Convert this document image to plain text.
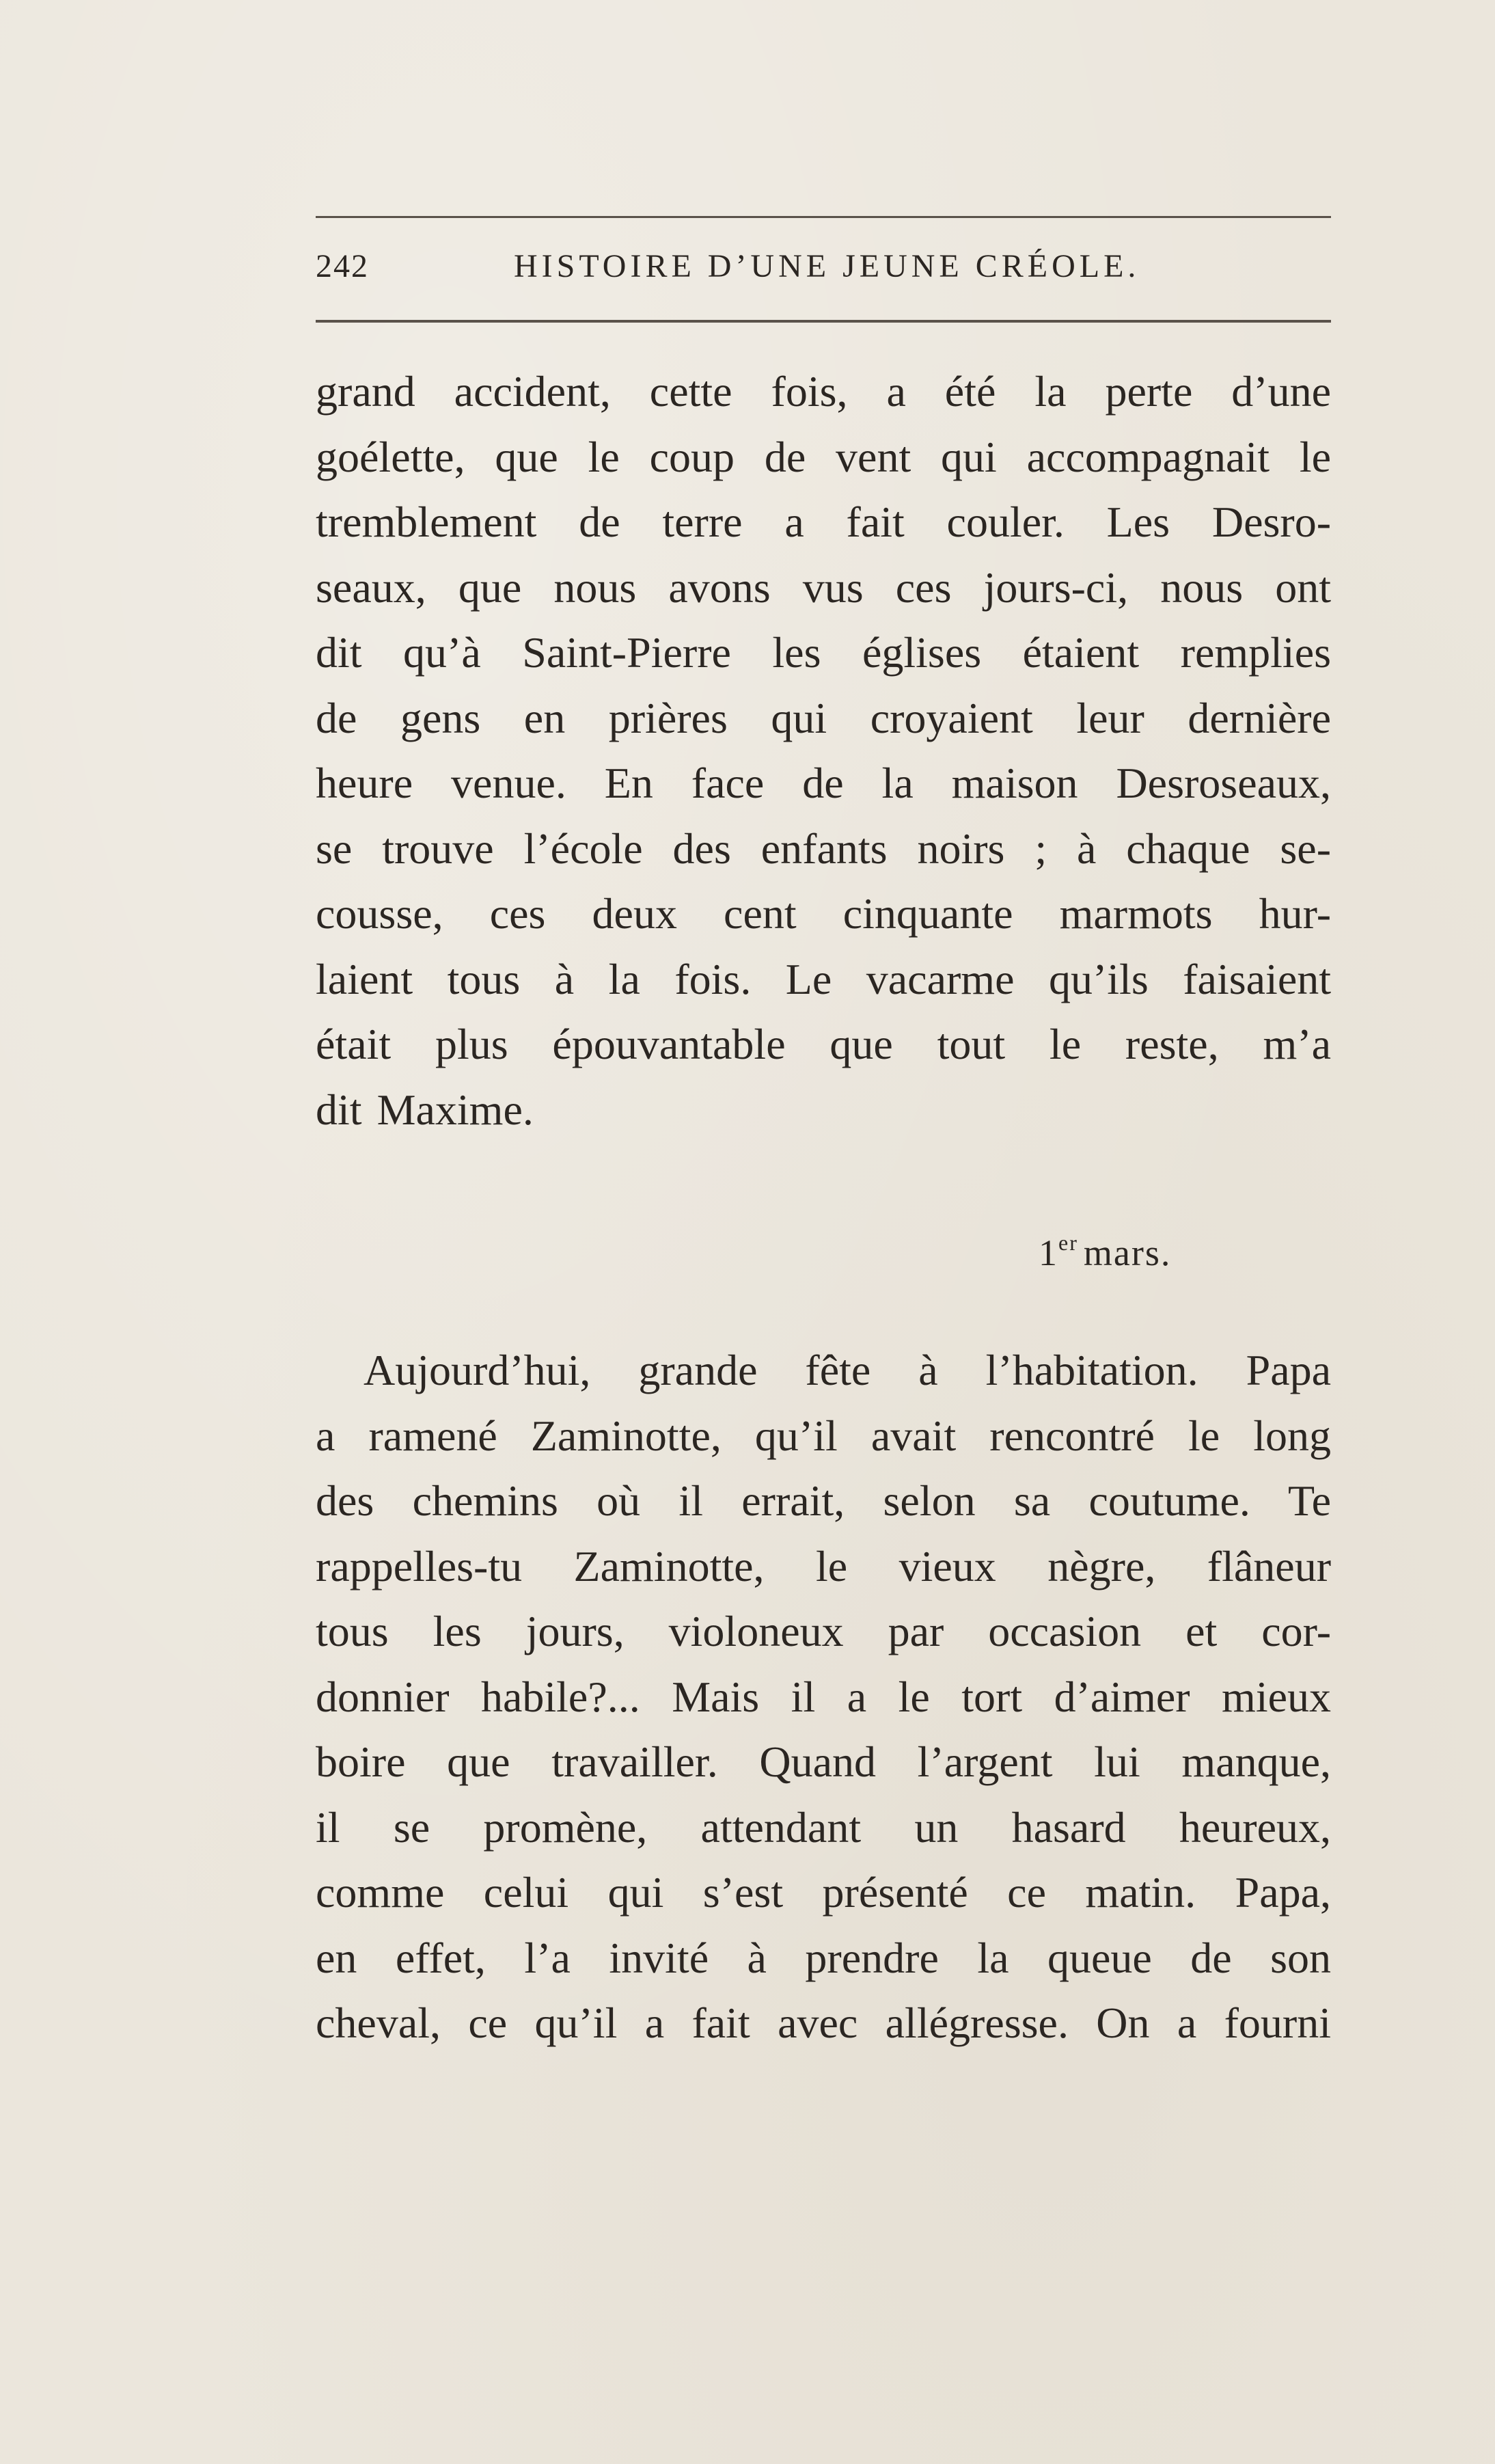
242	HISTOIRE D’UNE JEUNE CRÉOLE.
grand accident, cette fois, a été la perte d’une
goélette, que le coup de vent qui accompagnait le
tremblement de terre a fait couler. Les Desro-
seaux, que nous avons vus ces jours-ci, nous ont
dit qu’à Saint-Pierre les églises étaient remplies
de gens en prières qui croyaient leur dernière
heure venue. En face de la maison Desroseaux,
se trouve l’école des enfants noirs ; à chaque se-
cousse, ces deux cent cinquante marmots hur-
laient tous à la fois. Le vacarme qu’ils faisaient
était plus épouvantable que tout le reste, m’a
dit Maxime.
1er mars.
Aujourd’hui, grande fête à l’habitation. Papa
a ramené Zaminotte, qu’il avait rencontré le long
des chemins où il errait, selon sa coutume. Te
rappelles-tu Zaminotte, le vieux nègre, flâneur
tous les jours, violoneux par occasion et cor-
donnier habile?... Mais il a le tort d’aimer mieux
boire que travailler. Quand l’argent lui manque,
il se promène, attendant un hasard heureux,
comme celui qui s’est présenté ce matin. Papa,
en effet, l’a invité à prendre la queue de son
cheval, ce qu’il a fait avec allégresse. On a fourni
